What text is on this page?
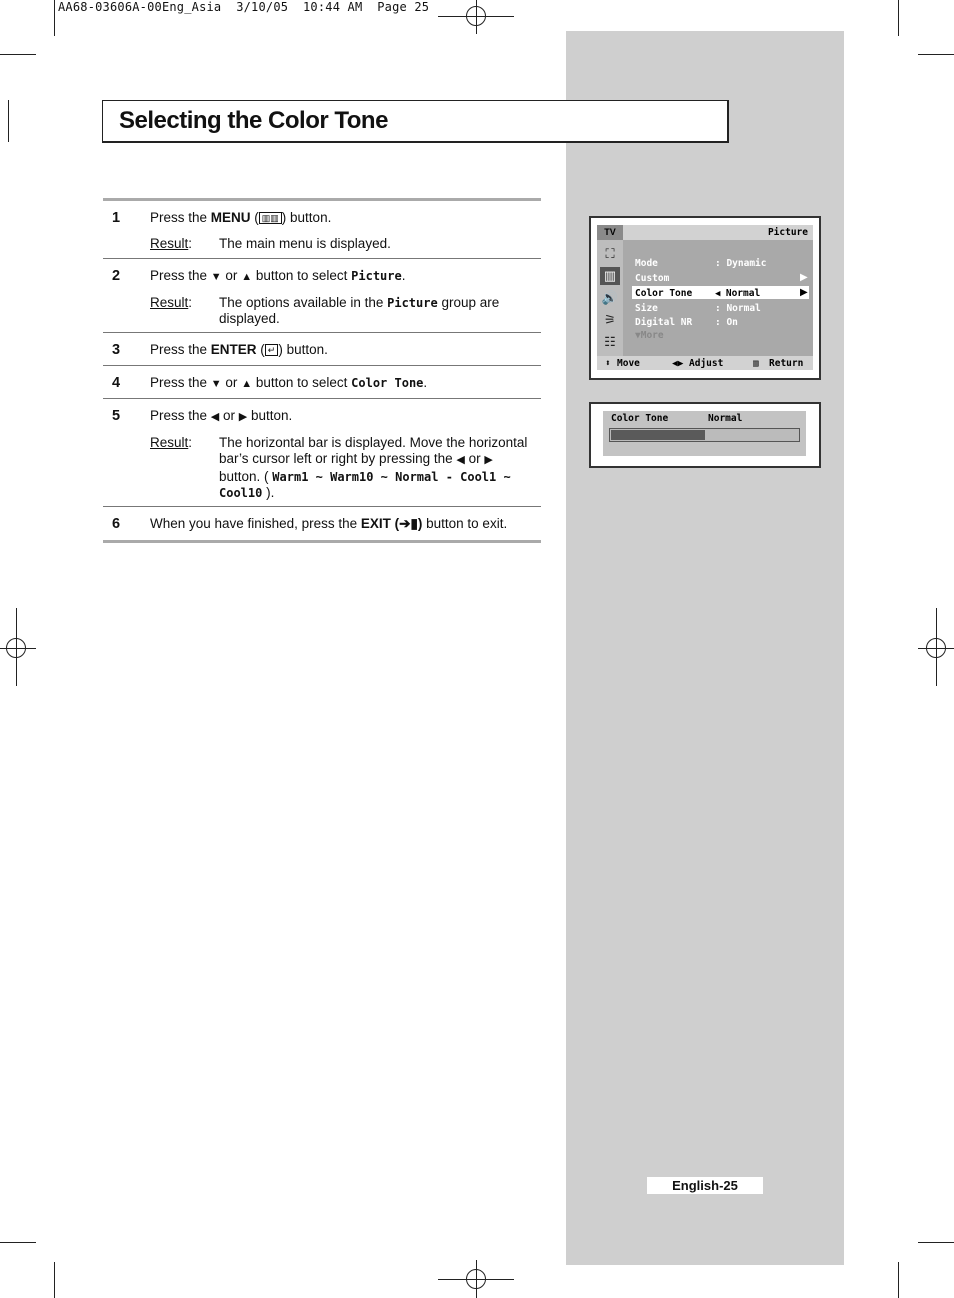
AA68-03606A-00Eng_Asia  3/10/05  10:44 AM  Page 25
Selecting the Color Tone
1 Press the MENU ( ▥▥ ) button.
Result:	The main menu is displayed.
2 Press the ▼ or ▲ button to select Picture.
Result:	The options available in the Picture group are displayed.
3 Press the ENTER ( ↵ ) button.
4 Press the ▼ or ▲ button to select Color Tone.
5 Press the ◀ or ▶ button.
Result:	The horizontal bar is displayed. Move the horizontal bar’s cursor left or right by pressing the ◀ or ▶ button. ( Warm1 ~ Warm10 ~ Normal - Cool1 ~ Cool10 ).
6 When you have finished, press the EXIT (➔▮) button to exit.
TV	Picture
⛶
▥
🔊
⚞
☷
Mode	: Dynamic
Custom	▶
Color Tone	◀ Normal	▶
Size	: Normal
Digital NR : On
▼More
⬍ Move	◀▶ Adjust	▥ Return
Color Tone	Normal
English-25
